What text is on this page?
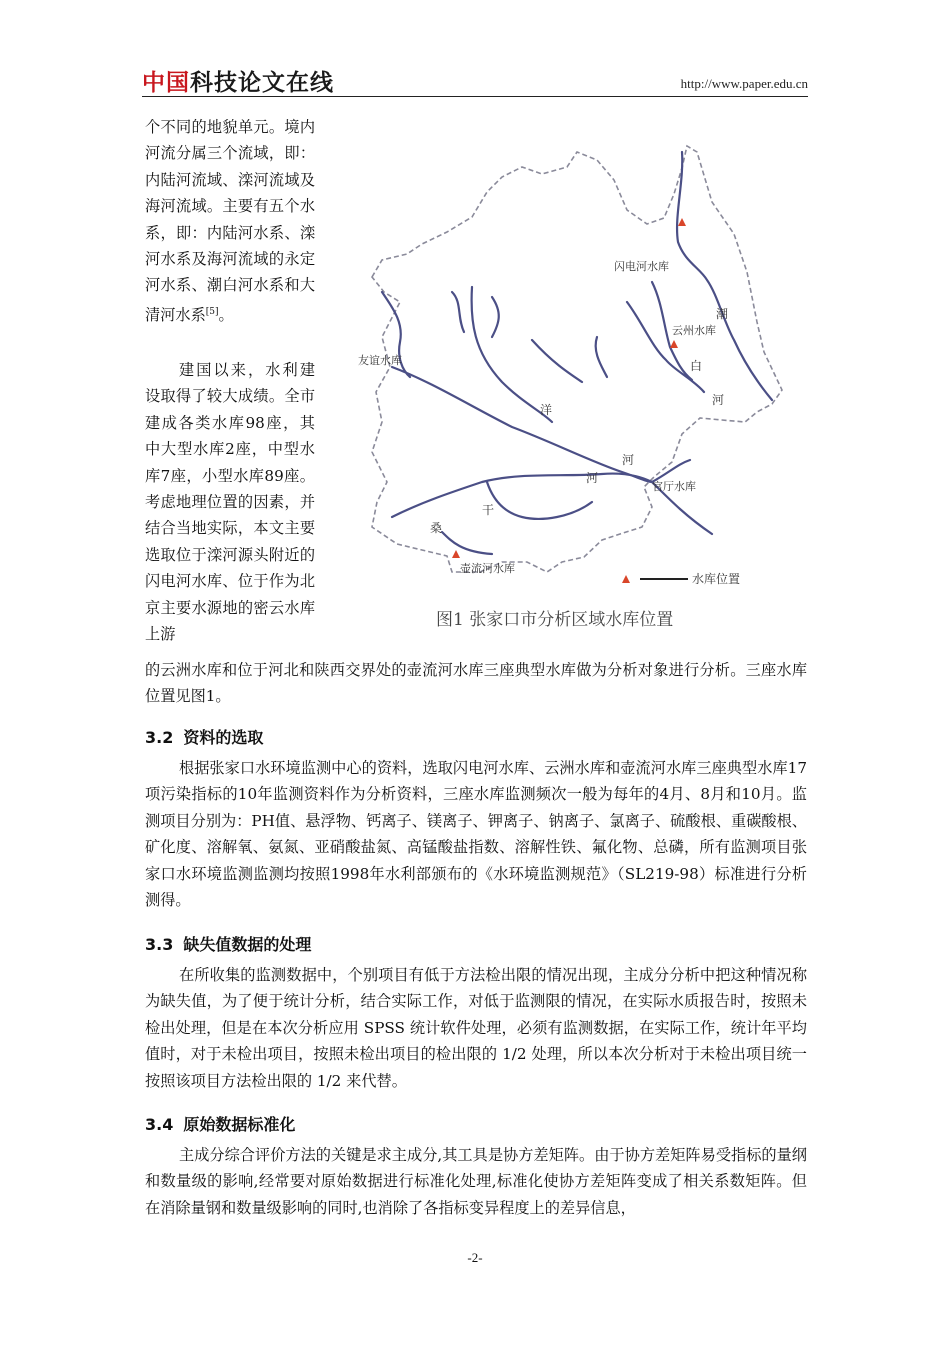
中国科技论文在线	http://www.paper.edu.cn

个不同的地貌单元。境内河流分属三个流域，即：内陆河流域、滦河流域及海河流域。主要有五个水系，即：内陆河水系、滦河水系及海河流域的永定河水系、潮白河水系和大清河水系[5]。

建国以来，水利建设取得了较大成绩。全市建成各类水库98座，其中大型水库2座，中型水库7座，小型水库89座。考虑地理位置的因素，并结合当地实际，本文主要选取位于滦河源头附近的闪电河水库、位于作为北京主要水源地的密云水库上游

水库位置
闪电河水库
云州水库
友谊水库
官厅水库
壶流河水库
潮
白
河
洋
河
河
桑
干
图1 张家口市分析区域水库位置

的云洲水库和位于河北和陕西交界处的壶流河水库三座典型水库做为分析对象进行分析。三座水库位置见图1。

3.2 资料的选取

根据张家口水环境监测中心的资料，选取闪电河水库、云洲水库和壶流河水库三座典型水库17项污染指标的10年监测资料作为分析资料，三座水库监测频次一般为每年的4月、8月和10月。监测项目分别为：PH值、悬浮物、钙离子、镁离子、钾离子、钠离子、氯离子、硫酸根、重碳酸根、矿化度、溶解氧、氨氮、亚硝酸盐氮、高锰酸盐指数、溶解性铁、氟化物、总磷，所有监测项目张家口水环境监测监测均按照1998年水利部颁布的《水环境监测规范》（SL219-98）标准进行分析测得。

3.3 缺失值数据的处理

在所收集的监测数据中，个别项目有低于方法检出限的情况出现，主成分分析中把这种情况称为缺失值，为了便于统计分析，结合实际工作，对低于监测限的情况，在实际水质报告时，按照未检出处理，但是在本次分析应用 SPSS 统计软件处理，必须有监测数据，在实际工作，统计年平均值时，对于未检出项目，按照未检出项目的检出限的 1/2 处理，所以本次分析对于未检出项目统一按照该项目方法检出限的 1/2 来代替。

3.4 原始数据标准化

主成分综合评价方法的关键是求主成分,其工具是协方差矩阵。由于协方差矩阵易受指标的量纲和数量级的影响,经常要对原始数据进行标准化处理,标准化使协方差矩阵变成了相关系数矩阵。但在消除量钢和数量级影响的同时,也消除了各指标变异程度上的差异信息，

-2-
